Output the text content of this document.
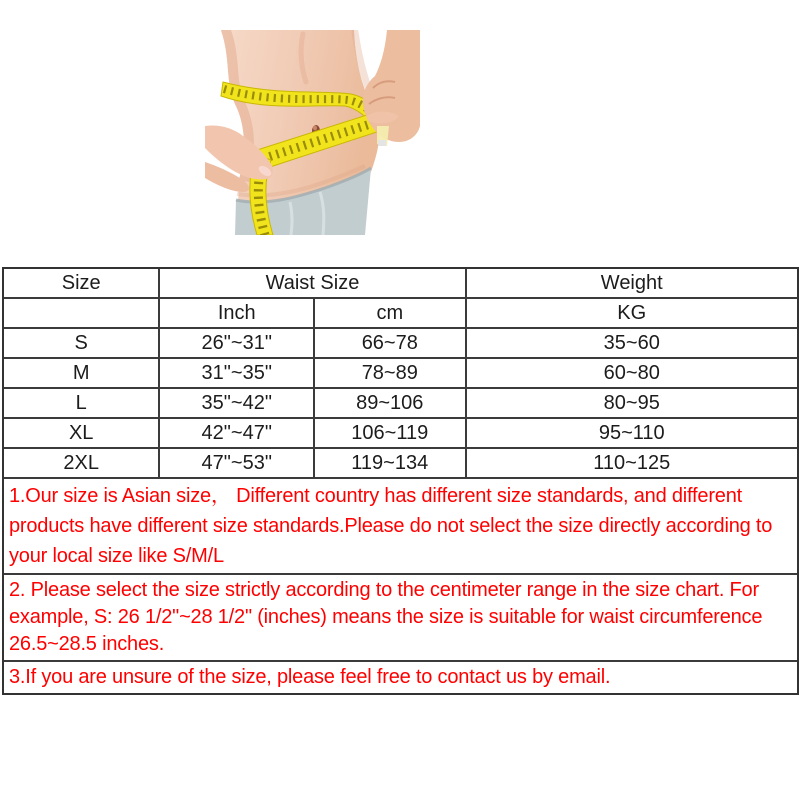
Size	Waist Size		Weight
	Inch	cm	KG
S	26"~31"	66~78	35~60
M	31"~35"	78~89	60~80
L	35"~42"	89~106	80~95
XL	42"~47"	106~119	95~110
2XL	47"~53"	119~134	110~125
1.Our size is Asian size， Different country has different size standards, and different
products have different size standards.Please do not select the size directly according to
your local size like S/M/L
2. Please select the size strictly according to the centimeter range in the size chart. For
example, S: 26 1/2"~28 1/2" (inches) means the size is suitable for waist circumference
26.5~28.5 inches.
3.If you are unsure of the size, please feel free to contact us by email.
